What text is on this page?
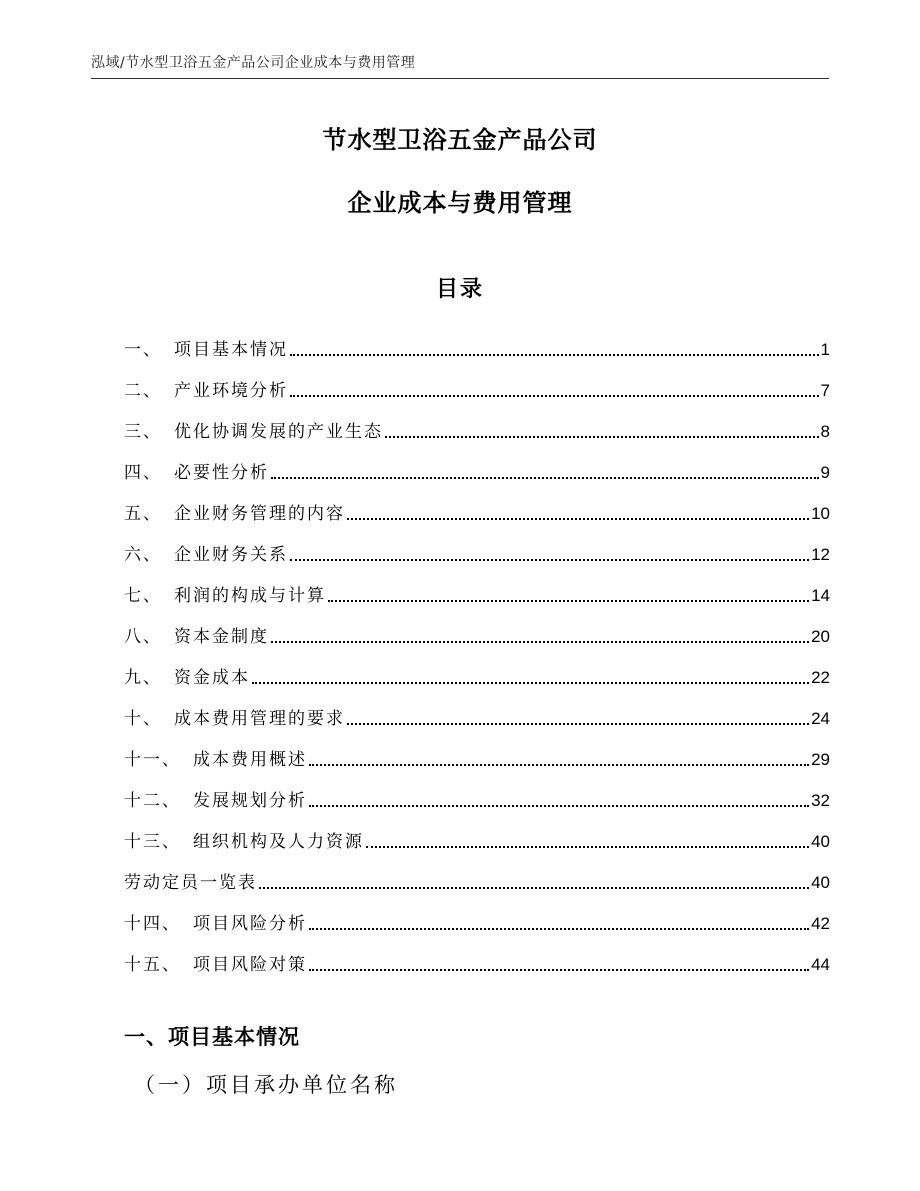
泓域/节水型卫浴五金产品公司企业成本与费用管理
节水型卫浴五金产品公司
企业成本与费用管理
目录
一、 项目基本情况	1
二、 产业环境分析	7
三、 优化协调发展的产业生态	8
四、 必要性分析	9
五、 企业财务管理的内容	10
六、 企业财务关系	12
七、 利润的构成与计算	14
八、 资本金制度	20
九、 资金成本	22
十、 成本费用管理的要求	24
十一、 成本费用概述	29
十二、 发展规划分析	32
十三、 组织机构及人力资源	40
劳动定员一览表	40
十四、 项目风险分析	42
十五、 项目风险对策	44
一、项目基本情况
（一）项目承办单位名称
